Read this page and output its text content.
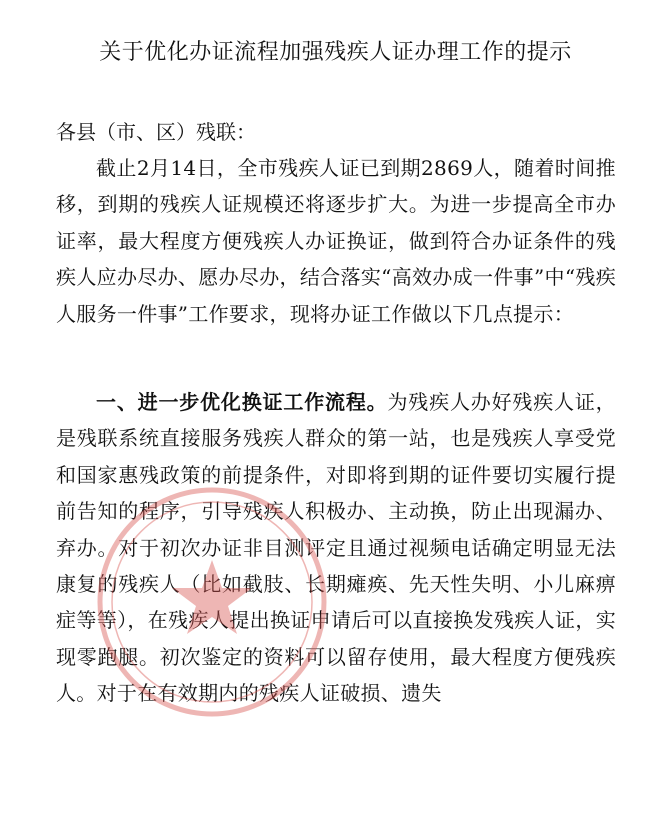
关于优化办证流程加强残疾人证办理工作的提示
各县（市、区）残联：
截止2月14日，全市残疾人证已到期2869人，随着时间推移，到期的残疾人证规模还将逐步扩大。为进一步提高全市办证率，最大程度方便残疾人办证换证，做到符合办证条件的残疾人应办尽办、愿办尽办，结合落实“高效办成一件事”中“残疾人服务一件事”工作要求，现将办证工作做以下几点提示：
一、进一步优化换证工作流程。为残疾人办好残疾人证，是残联系统直接服务残疾人群众的第一站，也是残疾人享受党和国家惠残政策的前提条件，对即将到期的证件要切实履行提前告知的程序，引导残疾人积极办、主动换，防止出现漏办、弃办。对于初次办证非目测评定且通过视频电话确定明显无法康复的残疾人（比如截肢、长期瘫痪、先天性失明、小儿麻痹症等等），在残疾人提出换证申请后可以直接换发残疾人证，实现零跑腿。初次鉴定的资料可以留存使用，最大程度方便残疾人。对于在有效期内的残疾人证破损、遗失
